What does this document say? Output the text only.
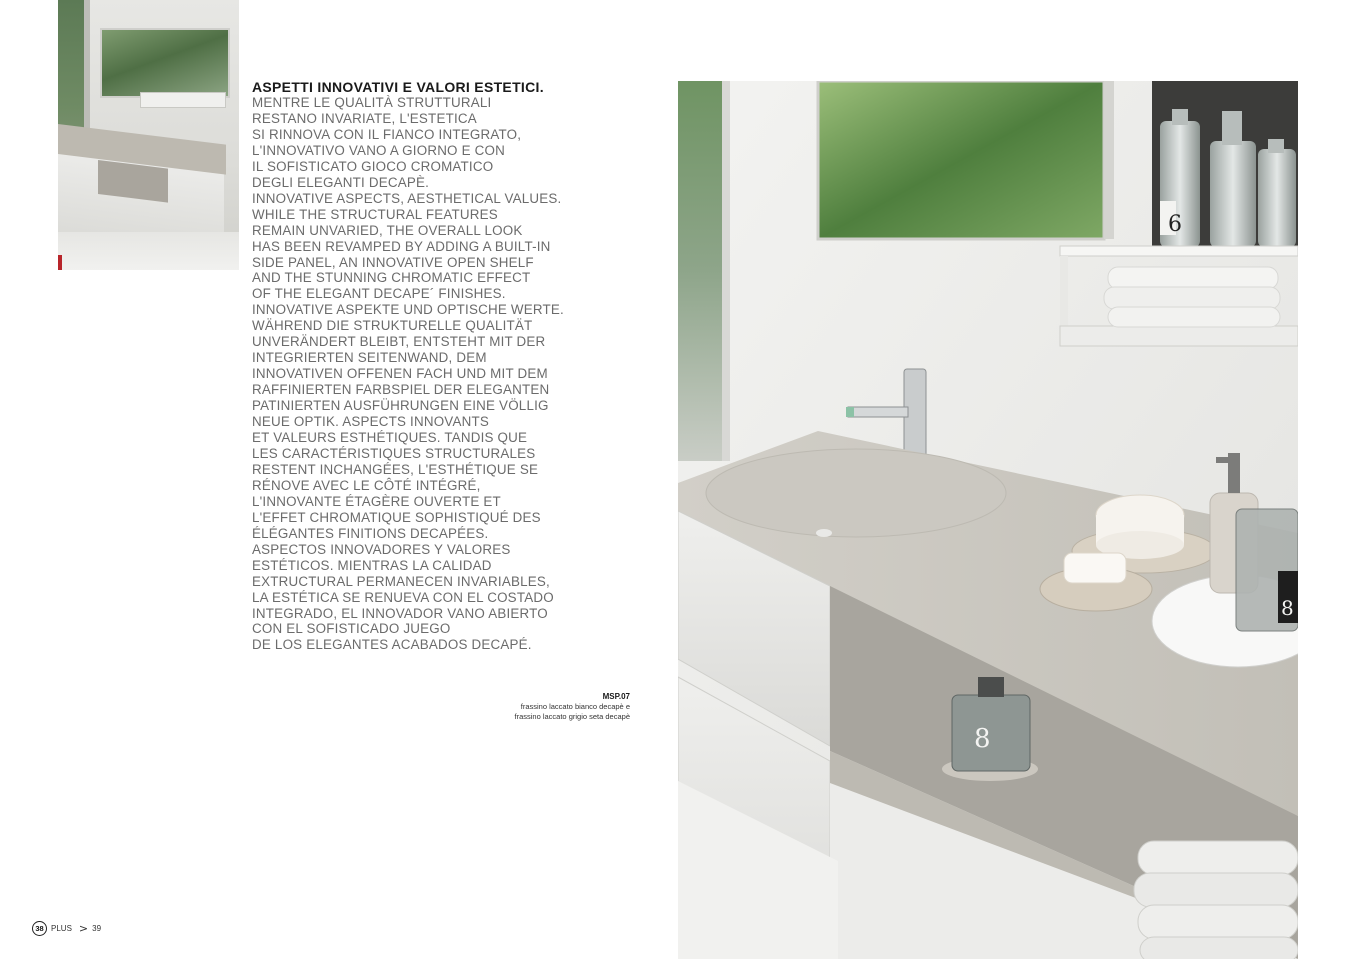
ASPETTI INNOVATIVI E VALORI ESTETICI.
MENTRE LE QUALITÀ STRUTTURALI
RESTANO INVARIATE, L'ESTETICA
SI RINNOVA CON IL FIANCO INTEGRATO,
L'INNOVATIVO VANO A GIORNO E CON
IL SOFISTICATO GIOCO CROMATICO
DEGLI ELEGANTI DECAPÈ.
INNOVATIVE ASPECTS, AESTHETICAL VALUES.
WHILE THE STRUCTURAL FEATURES
REMAIN UNVARIED, THE OVERALL LOOK
HAS BEEN REVAMPED BY ADDING A BUILT-IN
SIDE PANEL, AN INNOVATIVE OPEN SHELF
AND THE STUNNING CHROMATIC EFFECT
OF THE ELEGANT DECAPE´ FINISHES.
INNOVATIVE ASPEKTE UND OPTISCHE WERTE.
WÄHREND DIE STRUKTURELLE QUALITÄT
UNVERÄNDERT BLEIBT, ENTSTEHT MIT DER
INTEGRIERTEN SEITENWAND, DEM
INNOVATIVEN OFFENEN FACH UND MIT DEM
RAFFINIERTEN FARBSPIEL DER ELEGANTEN
PATINIERTEN AUSFÜHRUNGEN EINE VÖLLIG
NEUE OPTIK. ASPECTS INNOVANTS
ET VALEURS ESTHÉTIQUES. TANDIS QUE
LES CARACTÉRISTIQUES STRUCTURALES
RESTENT INCHANGÉES, L'ESTHÉTIQUE SE
RÉNOVE AVEC LE CÔTÉ INTÉGRÉ,
L'INNOVANTE ÉTAGÈRE OUVERTE ET
L'EFFET CHROMATIQUE SOPHISTIQUÉ DES
ÉLÉGANTES FINITIONS DECAPÉES.
ASPECTOS INNOVADORES Y VALORES
ESTÉTICOS. MIENTRAS LA CALIDAD
EXTRUCTURAL PERMANECEN INVARIABLES,
LA ESTÉTICA SE RENUEVA CON EL COSTADO
INTEGRADO, EL INNOVADOR VANO ABIERTO
CON EL SOFISTICADO JUEGO
DE LOS ELEGANTES ACABADOS DECAPÉ.
MSP.07
frassino laccato bianco decapè e
frassino laccato grigio seta decapè
38 PLUS > 39
6
8
8
